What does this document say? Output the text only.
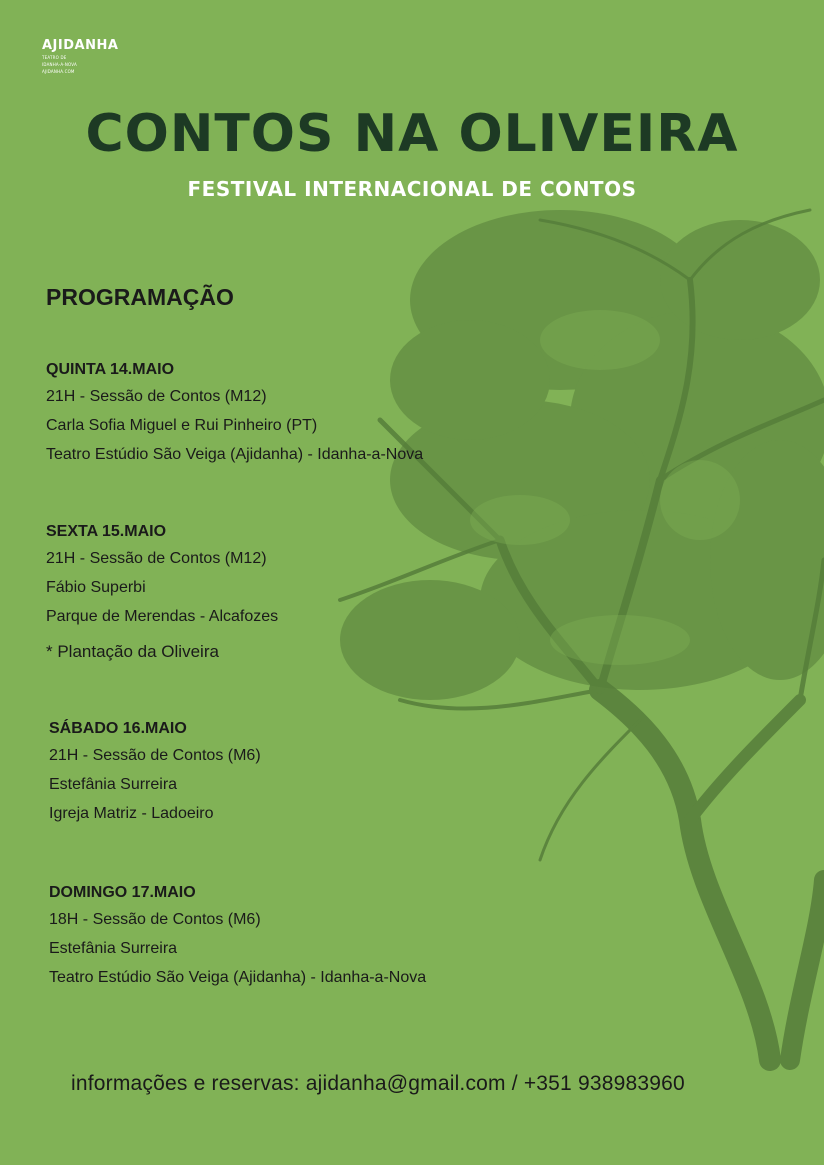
AJIDANHA
TEATRO DE
IDANHA-A-NOVA
AJIDANHA.COM
CONTOS NA OLIVEIRA
FESTIVAL INTERNACIONAL DE CONTOS
PROGRAMAÇÃO
QUINTA 14.MAIO
21H - Sessão de Contos (M12)
Carla Sofia Miguel e Rui Pinheiro (PT)
Teatro Estúdio São Veiga (Ajidanha) - Idanha-a-Nova
SEXTA 15.MAIO
21H - Sessão de Contos (M12)
Fábio Superbi
Parque de Merendas - Alcafozes
* Plantação da Oliveira
SÁBADO 16.MAIO
21H - Sessão de Contos (M6)
Estefânia Surreira
Igreja Matriz - Ladoeiro
DOMINGO 17.MAIO
18H - Sessão de Contos (M6)
Estefânia Surreira
Teatro Estúdio São Veiga (Ajidanha) - Idanha-a-Nova
informações e reservas: ajidanha@gmail.com / +351 938983960
